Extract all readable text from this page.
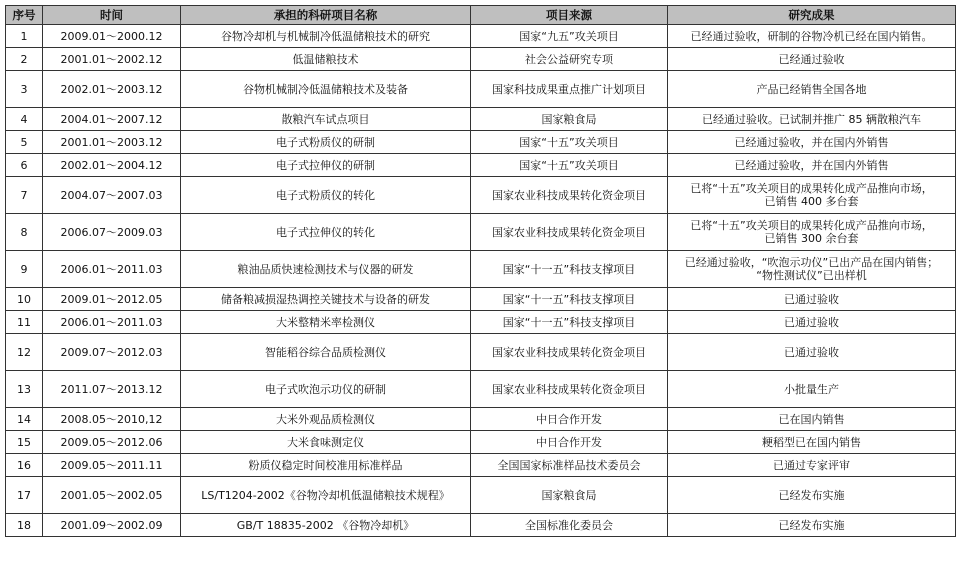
序号	时间	承担的科研项目名称	项目来源	研究成果
1	2009.01～2000.12	谷物冷却机与机械制冷低温储粮技术的研究	国家“九五”攻关项目	已经通过验收，研制的谷物冷机已经在国内销售。
2	2001.01～2002.12	低温储粮技术	社会公益研究专项	已经通过验收
3	2002.01～2003.12	谷物机械制冷低温储粮技术及装备	国家科技成果重点推广计划项目	产品已经销售全国各地
4	2004.01～2007.12	散粮汽车试点项目	国家粮食局	已经通过验收。已试制并推广 85 辆散粮汽车
5	2001.01～2003.12	电子式粉质仪的研制	国家“十五”攻关项目	已经通过验收，并在国内外销售
6	2002.01～2004.12	电子式拉伸仪的研制	国家“十五”攻关项目	已经通过验收，并在国内外销售
7	2004.07～2007.03	电子式粉质仪的转化	国家农业科技成果转化资金项目	已将“十五”攻关项目的成果转化成产品推向市场，
已销售 400 多台套
8	2006.07～2009.03	电子式拉伸仪的转化	国家农业科技成果转化资金项目	已将“十五”攻关项目的成果转化成产品推向市场，
已销售 300 余台套
9	2006.01～2011.03	粮油品质快速检测技术与仪器的研发	国家“十一五”科技支撑项目	已经通过验收，“吹泡示功仪”已出产品在国内销售；
“物性测试仪”已出样机
10	2009.01～2012.05	储备粮减损湿热调控关键技术与设备的研发	国家“十一五”科技支撑项目	已通过验收
11	2006.01～2011.03	大米整精米率检测仪	国家“十一五”科技支撑项目	已通过验收
12	2009.07～2012.03	智能稻谷综合品质检测仪	国家农业科技成果转化资金项目	已通过验收
13	2011.07～2013.12	电子式吹泡示功仪的研制	国家农业科技成果转化资金项目	小批量生产
14	2008.05～2010,12	大米外观品质检测仪	中日合作开发	已在国内销售
15	2009.05～2012.06	大米食味测定仪	中日合作开发	粳稻型已在国内销售
16	2009.05～2011.11	粉质仪稳定时间校准用标准样品	全国国家标准样品技术委员会	已通过专家评审
17	2001.05～2002.05	LS/T1204-2002《谷物冷却机低温储粮技术规程》	国家粮食局	已经发布实施
18	2001.09～2002.09	GB/T 18835-2002 《谷物冷却机》	全国标准化委员会	已经发布实施
